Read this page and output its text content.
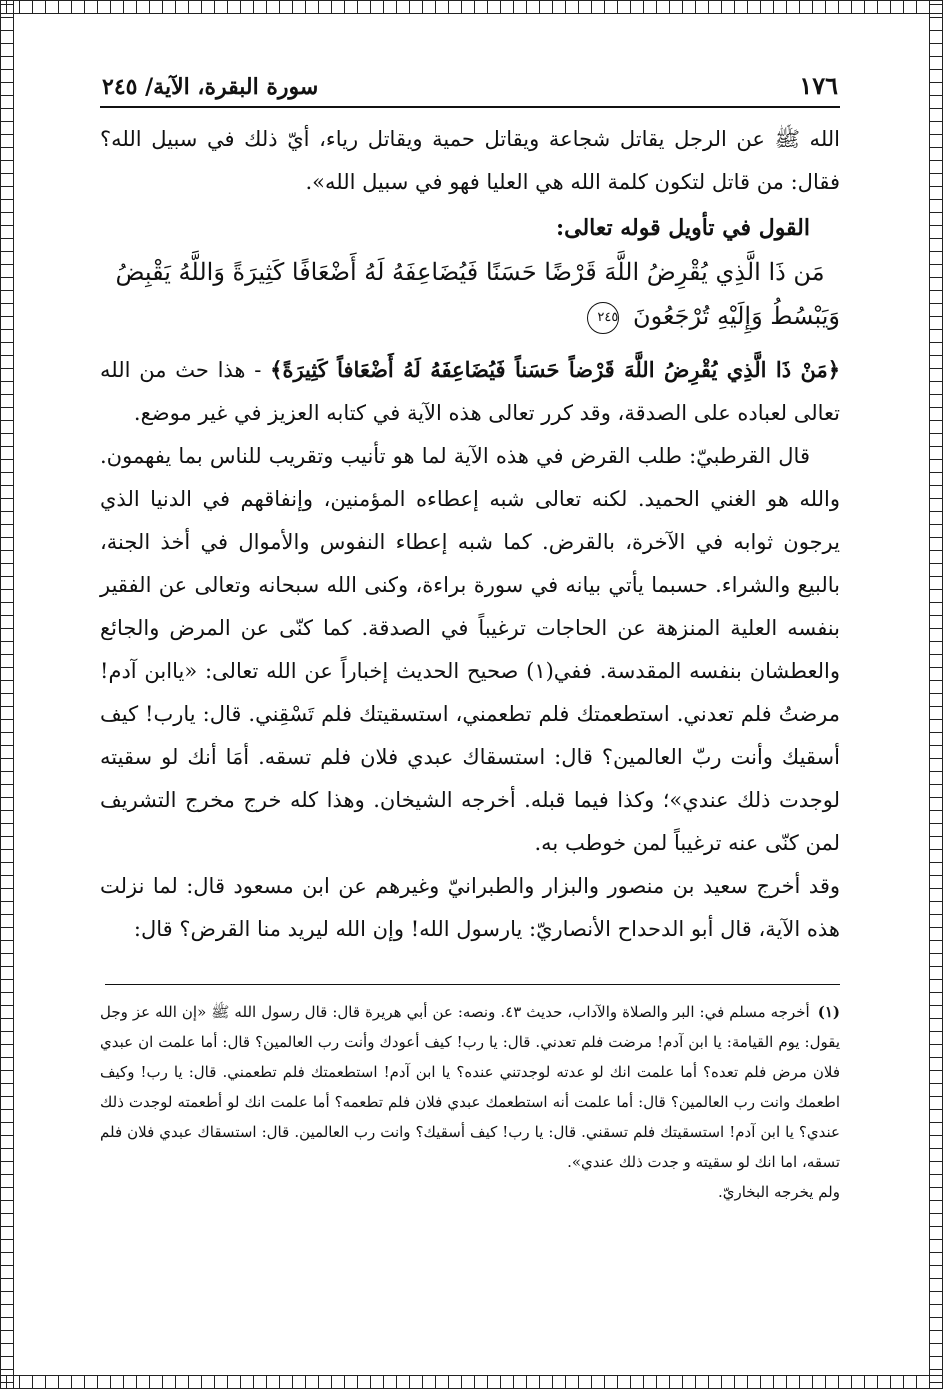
١٧٦
سورة البقرة، الآية/ ٢٤٥

الله ﷺ عن الرجل يقاتل شجاعة ويقاتل حمية ويقاتل رياء، أيّ ذلك في سبيل الله؟ فقال: من قاتل لتكون كلمة الله هي العليا فهو في سبيل الله».

القول في تأويل قوله تعالى:
مَن ذَا الَّذِي يُقْرِضُ اللَّهَ قَرْضًا حَسَنًا فَيُضَاعِفَهُ لَهُ أَضْعَافًا كَثِيرَةً وَاللَّهُ يَقْبِضُ وَيَبْسُطُ وَإِلَيْهِ تُرْجَعُونَ ٢٤٥

﴿مَنْ ذَا الَّذِي يُقْرِضُ اللَّهَ قَرْضاً حَسَناً فَيُضَاعِفَهُ لَهُ أَضْعَافاً كَثِيرَةً﴾ - هذا حث من الله تعالى لعباده على الصدقة، وقد كرر تعالى هذه الآية في كتابه العزيز في غير موضع.

قال القرطبيّ: طلب القرض في هذه الآية لما هو تأنيب وتقريب للناس بما يفهمون. والله هو الغني الحميد. لكنه تعالى شبه إعطاءه المؤمنين، وإنفاقهم في الدنيا الذي يرجون ثوابه في الآخرة، بالقرض. كما شبه إعطاء النفوس والأموال في أخذ الجنة، بالبيع والشراء. حسبما يأتي بيانه في سورة براءة، وكنى الله سبحانه وتعالى عن الفقير بنفسه العلية المنزهة عن الحاجات ترغيباً في الصدقة. كما كنّى عن المرض والجائع والعطشان بنفسه المقدسة. ففي(١) صحيح الحديث إخباراً عن الله تعالى: «ياابن آدم! مرضتُ فلم تعدني. استطعمتك فلم تطعمني، استسقيتك فلم تَسْقِني. قال: يارب! كيف أسقيك وأنت ربّ العالمين؟ قال: استسقاك عبدي فلان فلم تسقه. أمَا أنك لو سقيته لوجدت ذلك عندي»؛ وكذا فيما قبله. أخرجه الشيخان. وهذا كله خرج مخرج التشريف لمن كنّى عنه ترغيباً لمن خوطب به.

وقد أخرج سعيد بن منصور والبزار والطبرانيّ وغيرهم عن ابن مسعود قال: لما نزلت هذه الآية، قال أبو الدحداح الأنصاريّ: يارسول الله! وإن الله ليريد منا القرض؟ قال:

(١)أخرجه مسلم في: البر والصلاة والآداب، حديث ٤٣. ونصه: عن أبي هريرة قال: قال رسول الله ﷺ «إن الله عز وجل يقول: يوم القيامة: يا ابن آدم! مرضت فلم تعدني. قال: يا رب! كيف أعودك وأنت رب العالمين؟ قال: أما علمت ان عبدي فلان مرض فلم تعده؟ أما علمت انك لو عدته لوجدتني عنده؟ يا ابن آدم! استطعمتك فلم تطعمني. قال: يا رب! وكيف اطعمك وانت رب العالمين؟ قال: أما علمت أنه استطعمك عبدي فلان فلم تطعمه؟ أما علمت انك لو أطعمته لوجدت ذلك عندي؟ يا ابن آدم! استسقيتك فلم تسقني. قال: يا رب! كيف أسقيك؟ وانت رب العالمين. قال: استسقاك عبدي فلان فلم تسقه، اما انك لو سقيته و جدت ذلك عندي».

ولم يخرجه البخاريّ.
